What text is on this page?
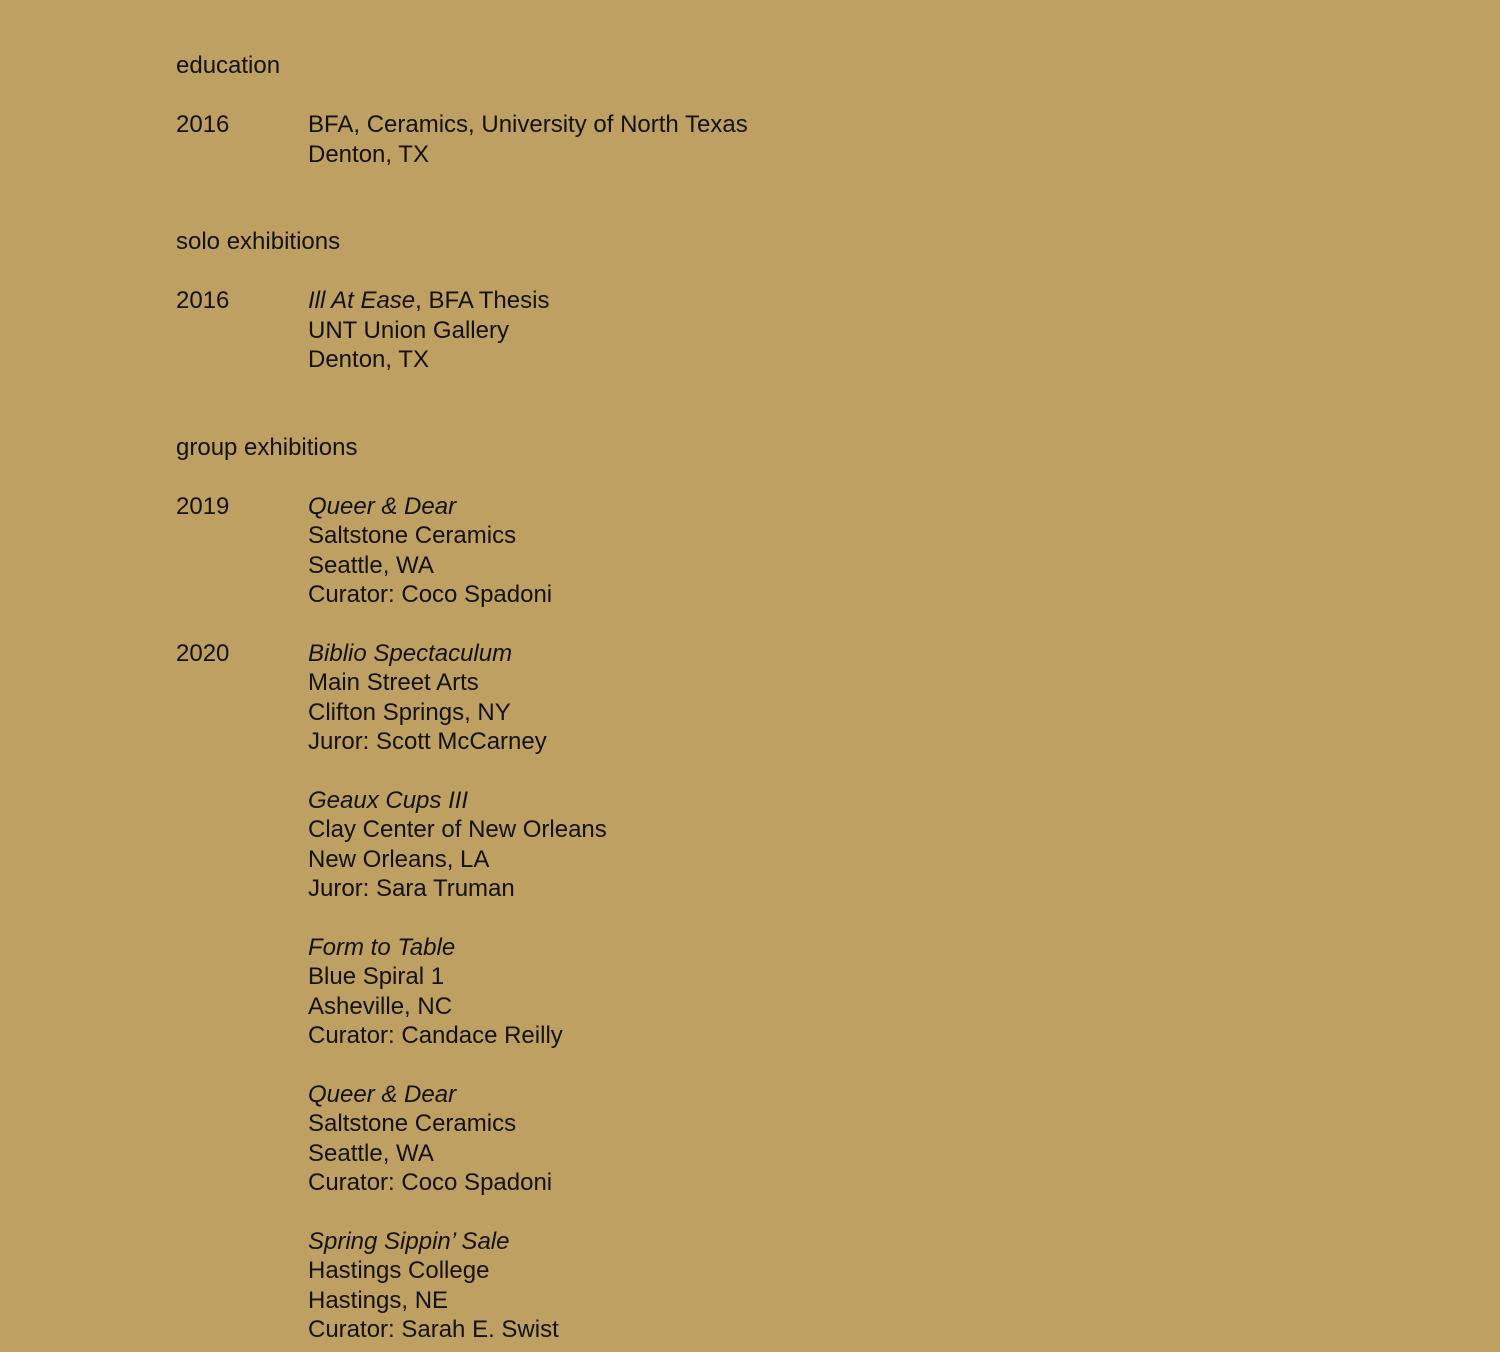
education
2016	BFA, Ceramics, University of North Texas
Denton, TX
solo exhibitions
2016	Ill At Ease, BFA Thesis
UNT Union Gallery
Denton, TX
group exhibitions
2019	Queer & Dear
Saltstone Ceramics
Seattle, WA
Curator: Coco Spadoni
2020	Biblio Spectaculum
Main Street Arts
Clifton Springs, NY
Juror: Scott McCarney
Geaux Cups III
Clay Center of New Orleans
New Orleans, LA
Juror: Sara Truman
Form to Table
Blue Spiral 1
Asheville, NC
Curator: Candace Reilly
Queer & Dear
Saltstone Ceramics
Seattle, WA
Curator: Coco Spadoni
Spring Sippin’ Sale
Hastings College
Hastings, NE
Curator: Sarah E. Swist
